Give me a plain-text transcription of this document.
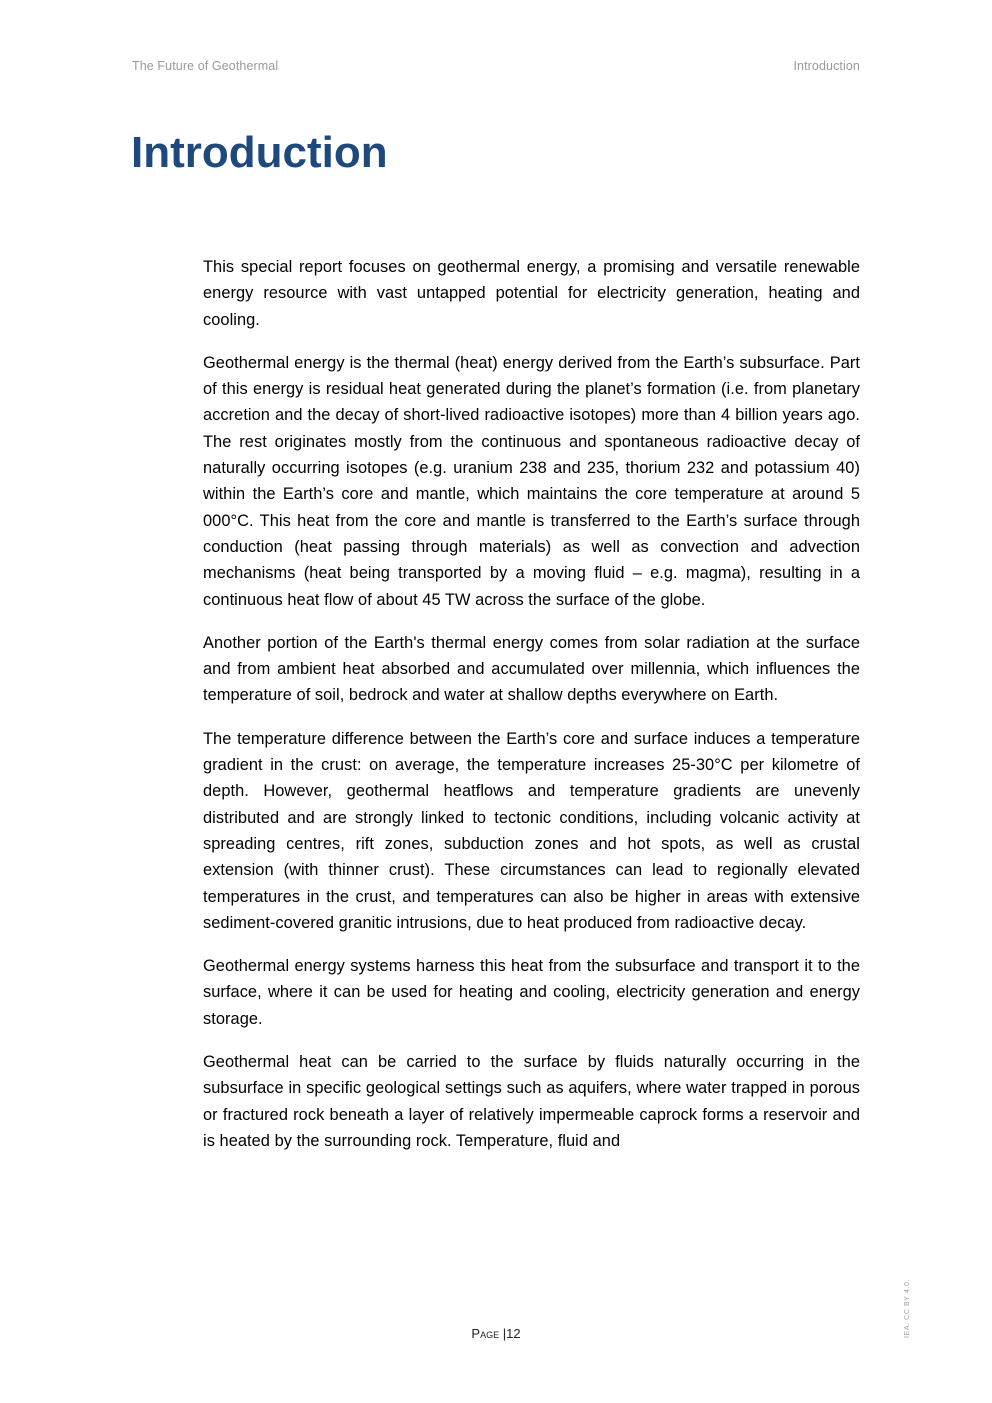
The Future of Geothermal	Introduction
Introduction

This special report focuses on geothermal energy, a promising and versatile renewable energy resource with vast untapped potential for electricity generation, heating and cooling.

Geothermal energy is the thermal (heat) energy derived from the Earth’s subsurface. Part of this energy is residual heat generated during the planet’s formation (i.e. from planetary accretion and the decay of short-lived radioactive isotopes) more than 4 billion years ago. The rest originates mostly from the continuous and spontaneous radioactive decay of naturally occurring isotopes (e.g. uranium 238 and 235, thorium 232 and potassium 40) within the Earth’s core and mantle, which maintains the core temperature at around 5 000°C. This heat from the core and mantle is transferred to the Earth’s surface through conduction (heat passing through materials) as well as convection and advection mechanisms (heat being transported by a moving fluid – e.g. magma), resulting in a continuous heat flow of about 45 TW across the surface of the globe.

Another portion of the Earth's thermal energy comes from solar radiation at the surface and from ambient heat absorbed and accumulated over millennia, which influences the temperature of soil, bedrock and water at shallow depths everywhere on Earth.

The temperature difference between the Earth’s core and surface induces a temperature gradient in the crust: on average, the temperature increases 25-30°C per kilometre of depth. However, geothermal heatflows and temperature gradients are unevenly distributed and are strongly linked to tectonic conditions, including volcanic activity at spreading centres, rift zones, subduction zones and hot spots, as well as crustal extension (with thinner crust). These circumstances can lead to regionally elevated temperatures in the crust, and temperatures can also be higher in areas with extensive sediment-covered granitic intrusions, due to heat produced from radioactive decay.

Geothermal energy systems harness this heat from the subsurface and transport it to the surface, where it can be used for heating and cooling, electricity generation and energy storage.

Geothermal heat can be carried to the surface by fluids naturally occurring in the subsurface in specific geological settings such as aquifers, where water trapped in porous or fractured rock beneath a layer of relatively impermeable caprock forms a reservoir and is heated by the surrounding rock. Temperature, fluid and

Page |12	IEA. CC BY 4.0.
